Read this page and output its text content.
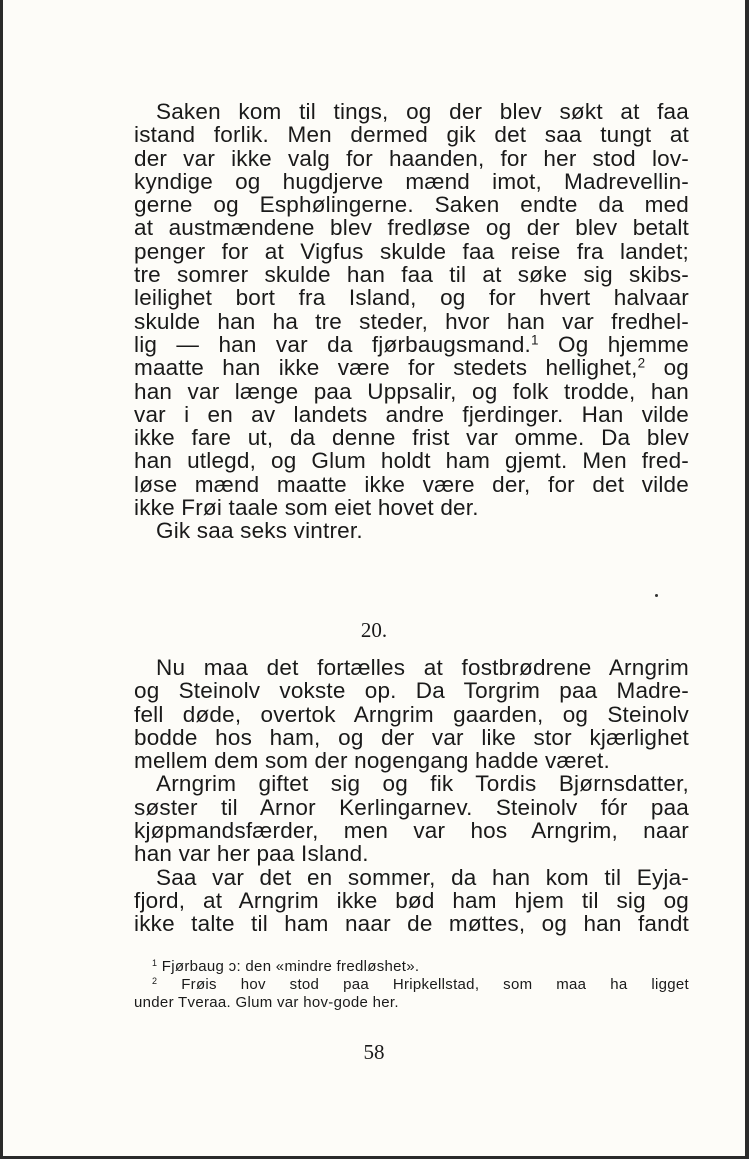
Saken kom til tings, og der blev søkt at faa
istand forlik. Men dermed gik det saa tungt at
der var ikke valg for haanden, for her stod lov-
kyndige og hugdjerve mænd imot, Madrevellin-
gerne og Esphølingerne. Saken endte da med
at austmændene blev fredløse og der blev betalt
penger for at Vigfus skulde faa reise fra landet;
tre somrer skulde han faa til at søke sig skibs-
leilighet bort fra Island, og for hvert halvaar
skulde han ha tre steder, hvor han var fredhel-
lig — han var da fjørbaugsmand.$^1$ Og hjemme
maatte han ikke være for stedets hellighet,$^2$ og
han var længe paa Uppsalir, og folk trodde, han
var i en av landets andre fjerdinger. Han vilde
ikke fare ut, da denne frist var omme. Da blev
han utlegd, og Glum holdt ham gjemt. Men fred-
løse mænd maatte ikke være der, for det vilde
ikke Frøi taale som eiet hovet der.
Gik saa seks vintrer.
20.
Nu maa det fortælles at fostbrødrene Arngrim
og Steinolv vokste op. Da Torgrim paa Madre-
fell døde, overtok Arngrim gaarden, og Steinolv
bodde hos ham, og der var like stor kjærlighet
mellem dem som der nogengang hadde været.
Arngrim giftet sig og fik Tordis Bjørnsdatter,
søster til Arnor Kerlingarnev. Steinolv fór paa
kjøpmandsfærder, men var hos Arngrim, naar
han var her paa Island.
Saa var det en sommer, da han kom til Eyja-
fjord, at Arngrim ikke bød ham hjem til sig og
ikke talte til ham naar de møttes, og han fandt
$^1$ Fjørbaug ɔ: den «mindre fredløshet».
$^2$ Frøis hov stod paa Hripkellstad, som maa ha ligget
under Tveraa. Glum var hov-gode her.
58
